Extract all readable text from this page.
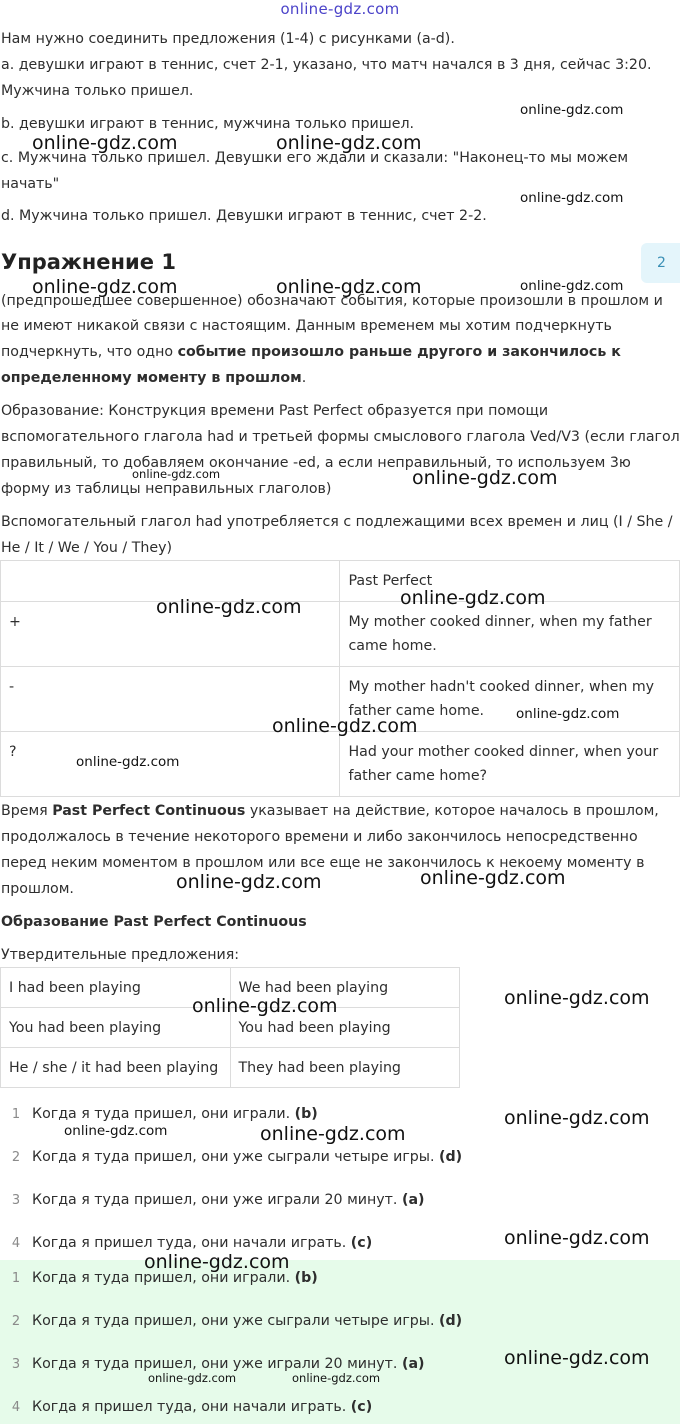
online-gdz.com
Нам нужно соединить предложения (1-4) с рисунками (a-d).
a. девушки играют в теннис, счет 2-1, указано, что матч начался в 3 дня, сейчас 3:20.
Мужчина только пришел.
b. девушки играют в теннис, мужчина только пришел.
c. Мужчина только пришел. Девушки его ждали и сказали: "Наконец-то мы можем
начать"
d. Мужчина только пришел. Девушки играют в теннис, счет 2-2.
Упражнение 1	2
(предпрошедшее совершенное) обозначают события, которые произошли в прошлом и
не имеют никакой связи с настоящим. Данным временем мы хотим подчеркнуть
подчеркнуть, что одно событие произошло раньше другого и закончилось к
определенному моменту в прошлом.
Образование: Конструкция времени Past Perfect образуется при помощи
вспомогательного глагола had и третьей формы смыслового глагола Ved/V3 (если глагол
правильный, то добавляем окончание -ed, а если неправильный, то используем 3ю
форму из таблицы неправильных глаголов)
Вспомогательный глагол had употребляется с подлежащими всех времен и лиц (I / She /
He / It / We / You / They)
	Past Perfect
+	My mother cooked dinner, when my father came home.
-	My mother hadn't cooked dinner, when my father came home.
?	Had your mother cooked dinner, when your father came home?
Время Past Perfect Continuous указывает на действие, которое началось в прошлом,
продолжалось в течение некоторого времени и либо закончилось непосредственно
перед неким моментом в прошлом или все еще не закончилось к некоему моменту в
прошлом.
Образование Past Perfect Continuous
Утвердительные предложения:
I had been playing	We had been playing
You had been playing	You had been playing
He / she / it had been playing	They had been playing
1 Когда я туда пришел, они играли. (b)
2 Когда я туда пришел, они уже сыграли четыре игры. (d)
3 Когда я туда пришел, они уже играли 20 минут. (a)
4 Когда я пришел туда, они начали играть. (c)
1 Когда я туда пришел, они играли. (b)
2 Когда я туда пришел, они уже сыграли четыре игры. (d)
3 Когда я туда пришел, они уже играли 20 минут. (a)
4 Когда я пришел туда, они начали играть. (c)
online-gdz.com
online-gdz.com	online-gdz.com
online-gdz.com
online-gdz.com	online-gdz.com	online-gdz.com
online-gdz.com
online-gdz.com
online-gdz.com
online-gdz.com
online-gdz.com
online-gdz.com
online-gdz.com
online-gdz.com
online-gdz.com
online-gdz.com
online-gdz.com
online-gdz.com	online-gdz.com
online-gdz.com
online-gdz.com
online-gdz.com
online-gdz.com	online-gdz.com
online-gdz.com
